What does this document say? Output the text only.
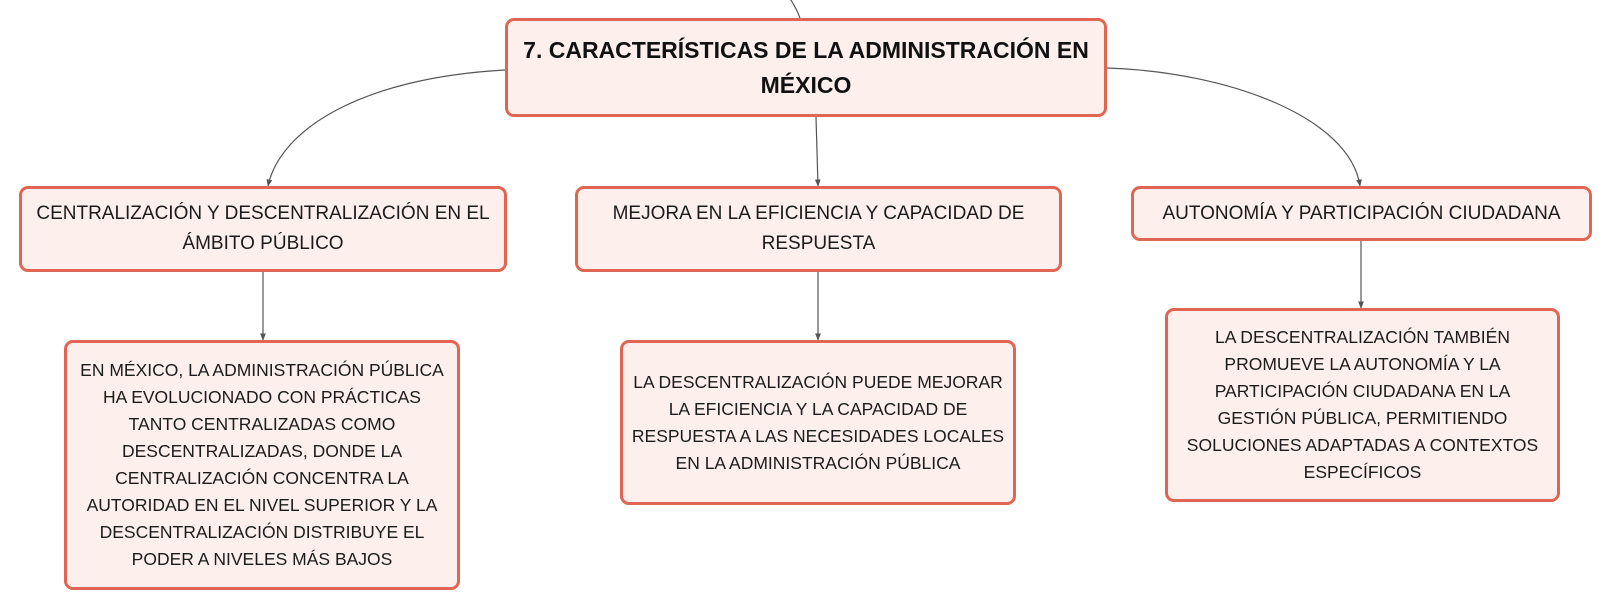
7. CARACTERÍSTICAS DE LA ADMINISTRACIÓN EN MÉXICO
CENTRALIZACIÓN Y DESCENTRALIZACIÓN EN EL ÁMBITO PÚBLICO
MEJORA EN LA EFICIENCIA Y CAPACIDAD DE RESPUESTA
AUTONOMÍA Y PARTICIPACIÓN CIUDADANA
EN MÉXICO, LA ADMINISTRACIÓN PÚBLICA HA EVOLUCIONADO CON PRÁCTICAS TANTO CENTRALIZADAS COMO DESCENTRALIZADAS, DONDE LA CENTRALIZACIÓN CONCENTRA LA AUTORIDAD EN EL NIVEL SUPERIOR Y LA DESCENTRALIZACIÓN DISTRIBUYE EL PODER A NIVELES MÁS BAJOS
LA DESCENTRALIZACIÓN PUEDE MEJORAR LA EFICIENCIA Y LA CAPACIDAD DE RESPUESTA A LAS NECESIDADES LOCALES EN LA ADMINISTRACIÓN PÚBLICA
LA DESCENTRALIZACIÓN TAMBIÉN PROMUEVE LA AUTONOMÍA Y LA PARTICIPACIÓN CIUDADANA EN LA GESTIÓN PÚBLICA, PERMITIENDO SOLUCIONES ADAPTADAS A CONTEXTOS ESPECÍFICOS
